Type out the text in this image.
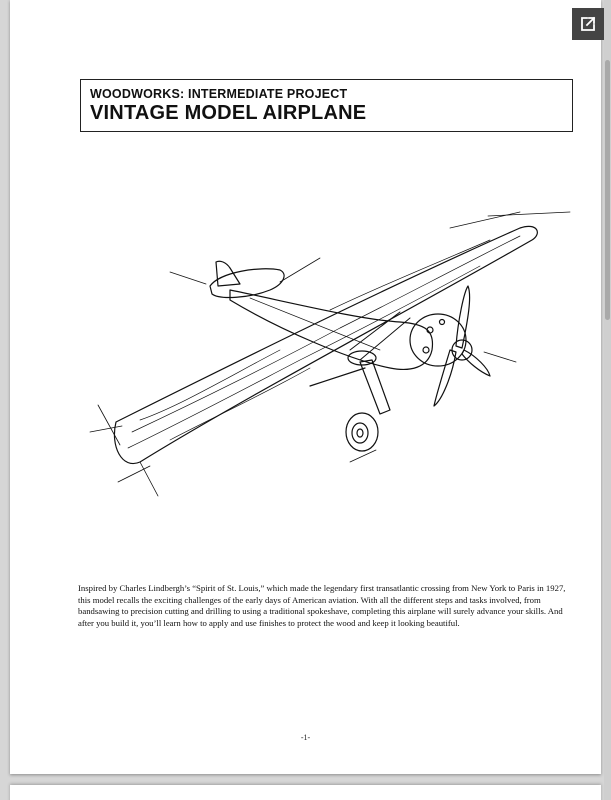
WOODWORKS: INTERMEDIATE PROJECT
VINTAGE MODEL AIRPLANE

Inspired by Charles Lindbergh’s “Spirit of St. Louis,” which made the legendary first transatlantic crossing from New York to Paris in 1927, this model recalls the exciting challenges of the early days of American aviation. With all the different steps and tasks involved, from bandsawing to precision cutting and drilling to using a traditional spokeshave, completing this airplane will surely advance your skills. And after you build it, you’ll learn how to apply and use finishes to protect the wood and keep it looking beautiful.

-1-
